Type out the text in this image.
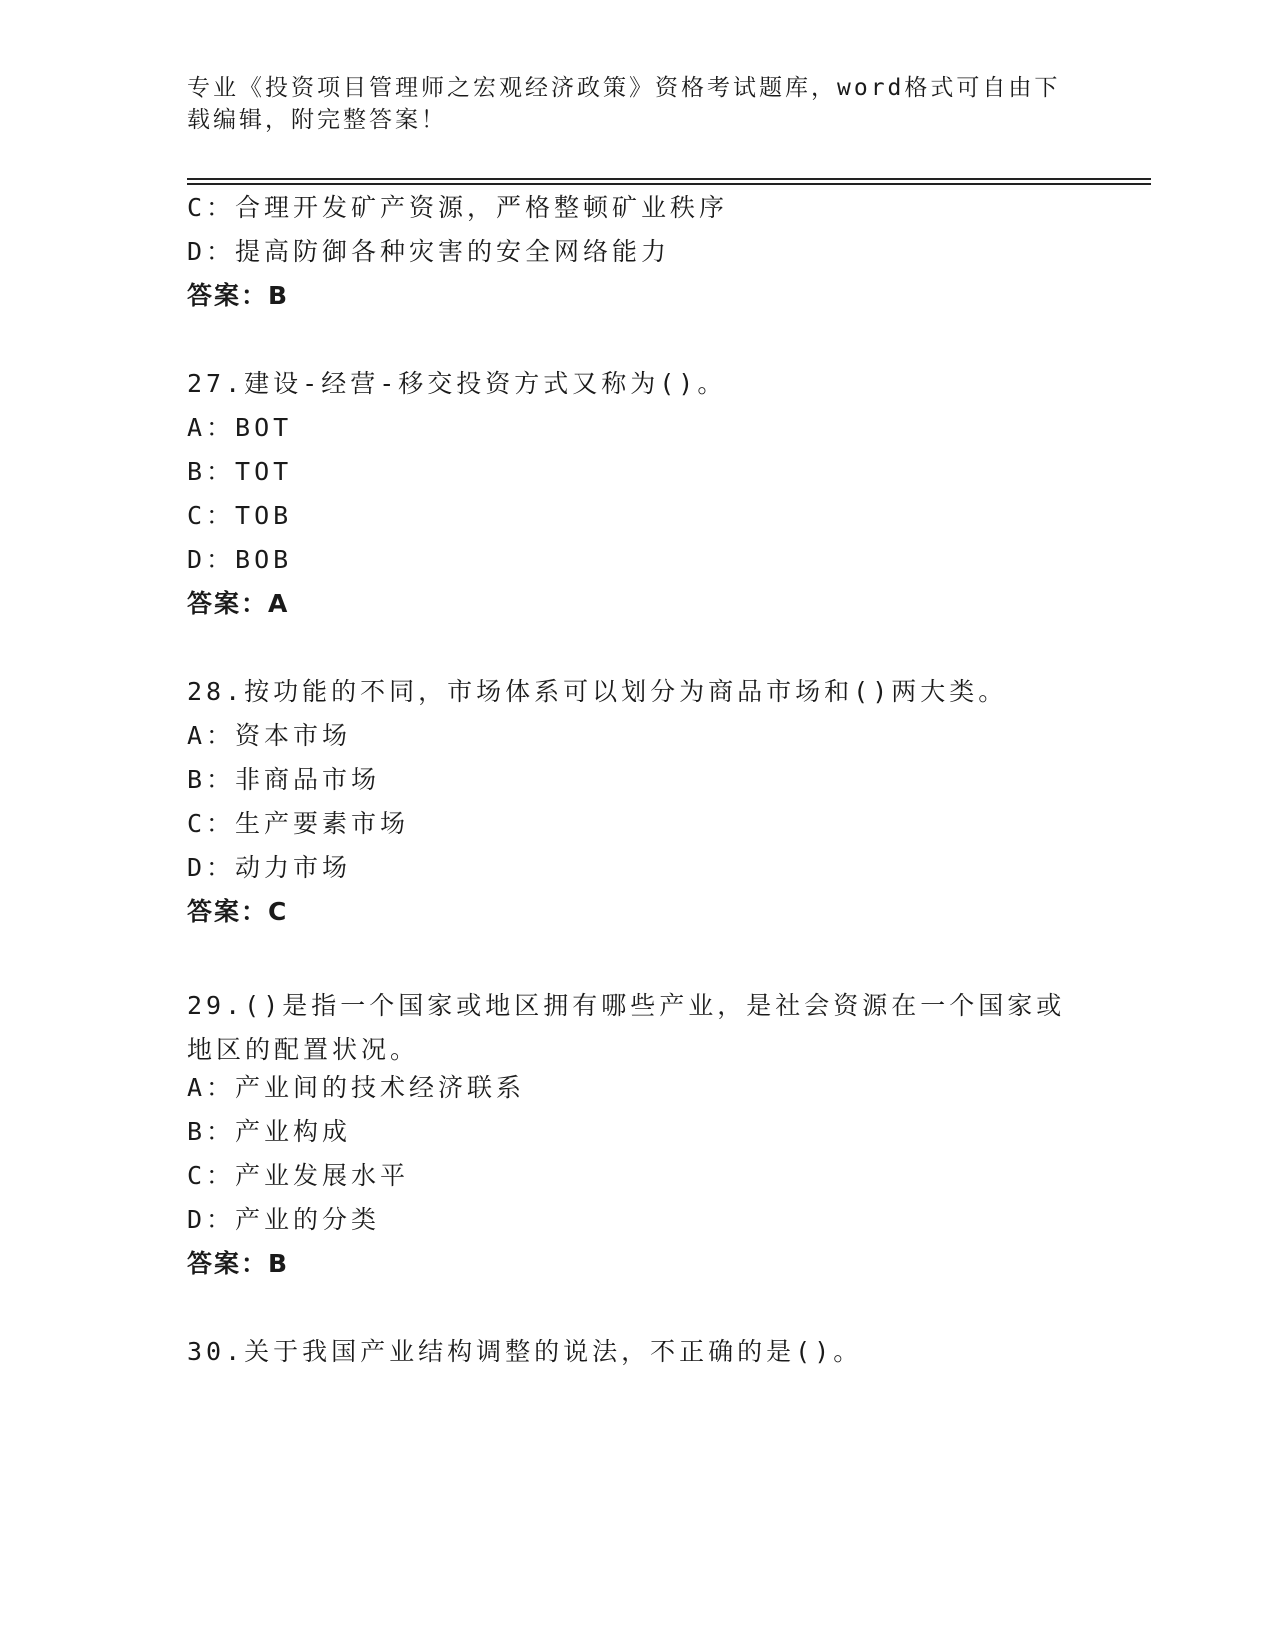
专业《投资项目管理师之宏观经济政策》资格考试题库，word格式可自由下载编辑，附完整答案！
C：合理开发矿产资源，严格整顿矿业秩序
D：提高防御各种灾害的安全网络能力
答案：B
27.建设-经营-移交投资方式又称为()。
A：BOT
B：TOT
C：TOB
D：BOB
答案：A
28.按功能的不同，市场体系可以划分为商品市场和()两大类。
A：资本市场
B：非商品市场
C：生产要素市场
D：动力市场
答案：C
29.()是指一个国家或地区拥有哪些产业，是社会资源在一个国家或地区的配置状况。
A：产业间的技术经济联系
B：产业构成
C：产业发展水平
D：产业的分类
答案：B
30.关于我国产业结构调整的说法，不正确的是()。
